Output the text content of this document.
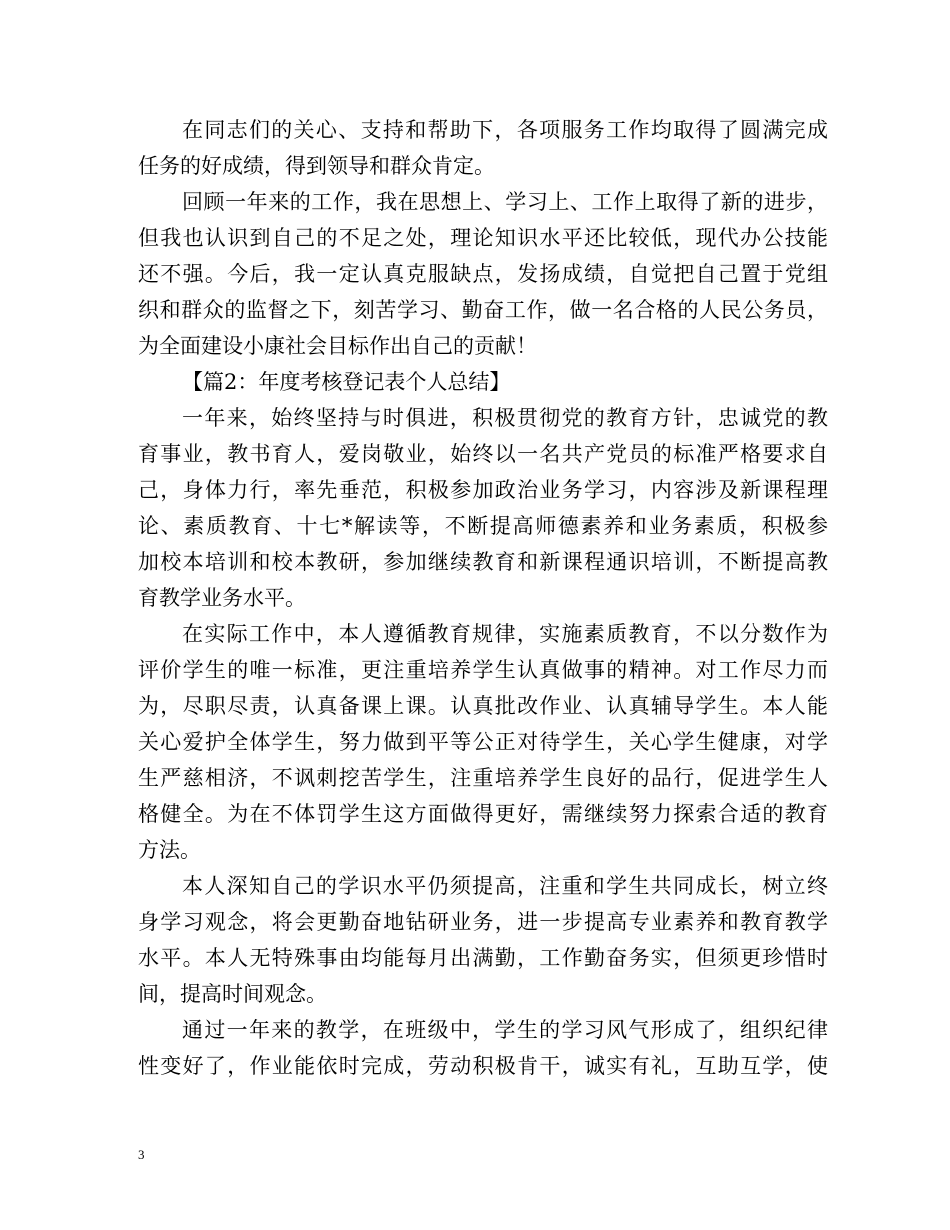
在同志们的关心、支持和帮助下，各项服务工作均取得了圆满完成

任务的好成绩，得到领导和群众肯定。

回顾一年来的工作，我在思想上、学习上、工作上取得了新的进步，

但我也认识到自己的不足之处，理论知识水平还比较低，现代办公技能

还不强。今后，我一定认真克服缺点，发扬成绩，自觉把自己置于党组

织和群众的监督之下，刻苦学习、勤奋工作，做一名合格的人民公务员，

为全面建设小康社会目标作出自己的贡献！

【篇2：年度考核登记表个人总结】

一年来，始终坚持与时俱进，积极贯彻党的教育方针，忠诚党的教

育事业，教书育人，爱岗敬业，始终以一名共产党员的标准严格要求自

己，身体力行，率先垂范，积极参加政治业务学习，内容涉及新课程理

论、素质教育、十七*解读等，不断提高师德素养和业务素质，积极参

加校本培训和校本教研，参加继续教育和新课程通识培训，不断提高教

育教学业务水平。

在实际工作中，本人遵循教育规律，实施素质教育，不以分数作为

评价学生的唯一标准，更注重培养学生认真做事的精神。对工作尽力而

为，尽职尽责，认真备课上课。认真批改作业、认真辅导学生。本人能

关心爱护全体学生，努力做到平等公正对待学生，关心学生健康，对学

生严慈相济，不讽刺挖苦学生，注重培养学生良好的品行，促进学生人

格健全。为在不体罚学生这方面做得更好，需继续努力探索合适的教育

方法。

本人深知自己的学识水平仍须提高，注重和学生共同成长，树立终

身学习观念，将会更勤奋地钻研业务，进一步提高专业素养和教育教学

水平。本人无特殊事由均能每月出满勤，工作勤奋务实，但须更珍惜时

间，提高时间观念。

通过一年来的教学，在班级中，学生的学习风气形成了，组织纪律

性变好了，作业能依时完成，劳动积极肯干，诚实有礼，互助互学，使

3
